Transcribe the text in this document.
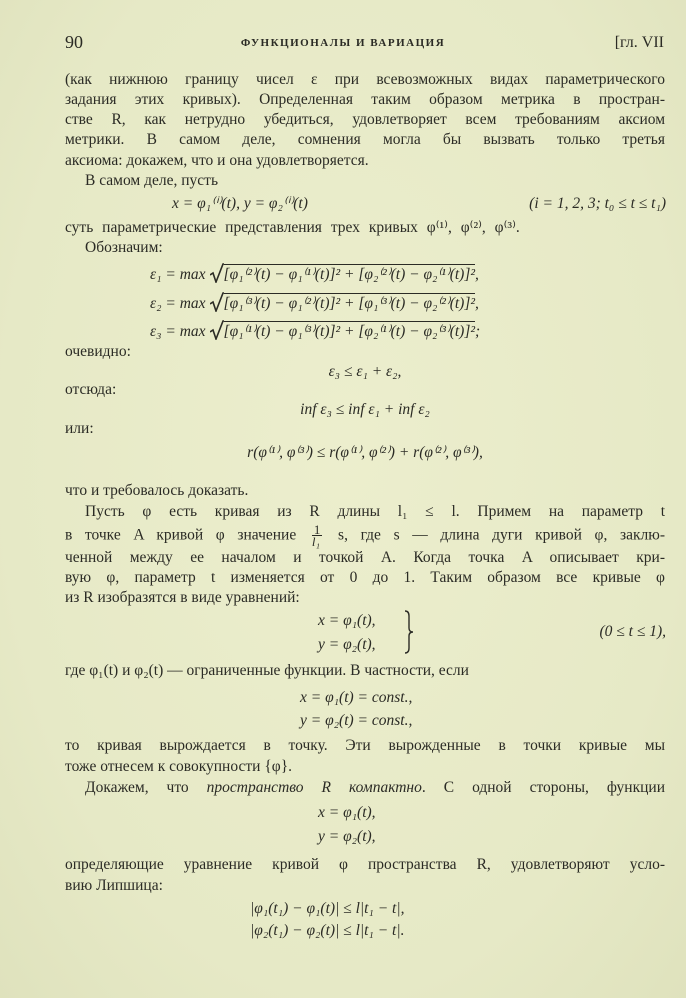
90	ФУНКЦИОНАЛЫ И ВАРИАЦИЯ	[гл. VII
(как нижнюю границу чисел ε при всевозможных видах параметрического
задания этих кривых). Определенная таким образом метрика в простран-
стве R, как нетрудно убедиться, удовлетворяет всем требованиям аксиом
метрики. В самом деле, сомнения могла бы вызвать только третья
аксиома: докажем, что и она удовлетворяется.
В самом деле, пусть
x = φ₁⁽ⁱ⁾(t), y = φ₂⁽ⁱ⁾(t)	(i = 1, 2, 3; t₀ ≤ t ≤ t₁)
суть параметрические представления трех кривых φ⁽¹⁾, φ⁽²⁾, φ⁽³⁾.
Обозначим:
ε₁ = max [φ₁⁽²⁾(t) − φ₁⁽¹⁾(t)]² + [φ₂⁽²⁾(t) − φ₂⁽¹⁾(t)]²,
ε₂ = max [φ₁⁽³⁾(t) − φ₁⁽²⁾(t)]² + [φ₁⁽³⁾(t) − φ₂⁽²⁾(t)]²,
ε₃ = max [φ₁⁽¹⁾(t) − φ₁⁽³⁾(t)]² + [φ₂⁽¹⁾(t) − φ₂⁽³⁾(t)]²;
очевидно:
ε₃ ≤ ε₁ + ε₂,
отсюда:
inf ε₃ ≤ inf ε₁ + inf ε₂
или:
r(φ⁽¹⁾, φ⁽³⁾) ≤ r(φ⁽¹⁾, φ⁽²⁾) + r(φ⁽²⁾, φ⁽³⁾),
что и требовалось доказать.
Пусть φ есть кривая из R длины l₁ ≤ l. Примем на параметр t
в точке A кривой φ значение $\frac{1}{\text{l₁}} s$, где s — длина дуги кривой φ, заклю-
ченной между ее началом и точкой A. Когда точка A описывает кри-
вую φ, параметр t изменяется от 0 до 1. Таким образом все кривые φ
из R изобразятся в виде уравнений:
x = φ₁(t),
y = φ₂(t),
(0 ≤ t ≤ 1),
где φ₁(t) и φ₂(t) — ограниченные функции. В частности, если
x = φ₁(t) = const.,
y = φ₂(t) = const.,
то кривая вырождается в точку. Эти вырожденные в точки кривые мы
тоже отнесем к совокупности {φ}.
Докажем, что пространство R компактно. С одной стороны, функции
x = φ₁(t),
y = φ₂(t),
определяющие уравнение кривой φ пространства R, удовлетворяют усло-
вию Липшица:
|φ₁(t₁) − φ₁(t)| ≤ l|t₁ − t|,
|φ₂(t₁) − φ₂(t)| ≤ l|t₁ − t|.
